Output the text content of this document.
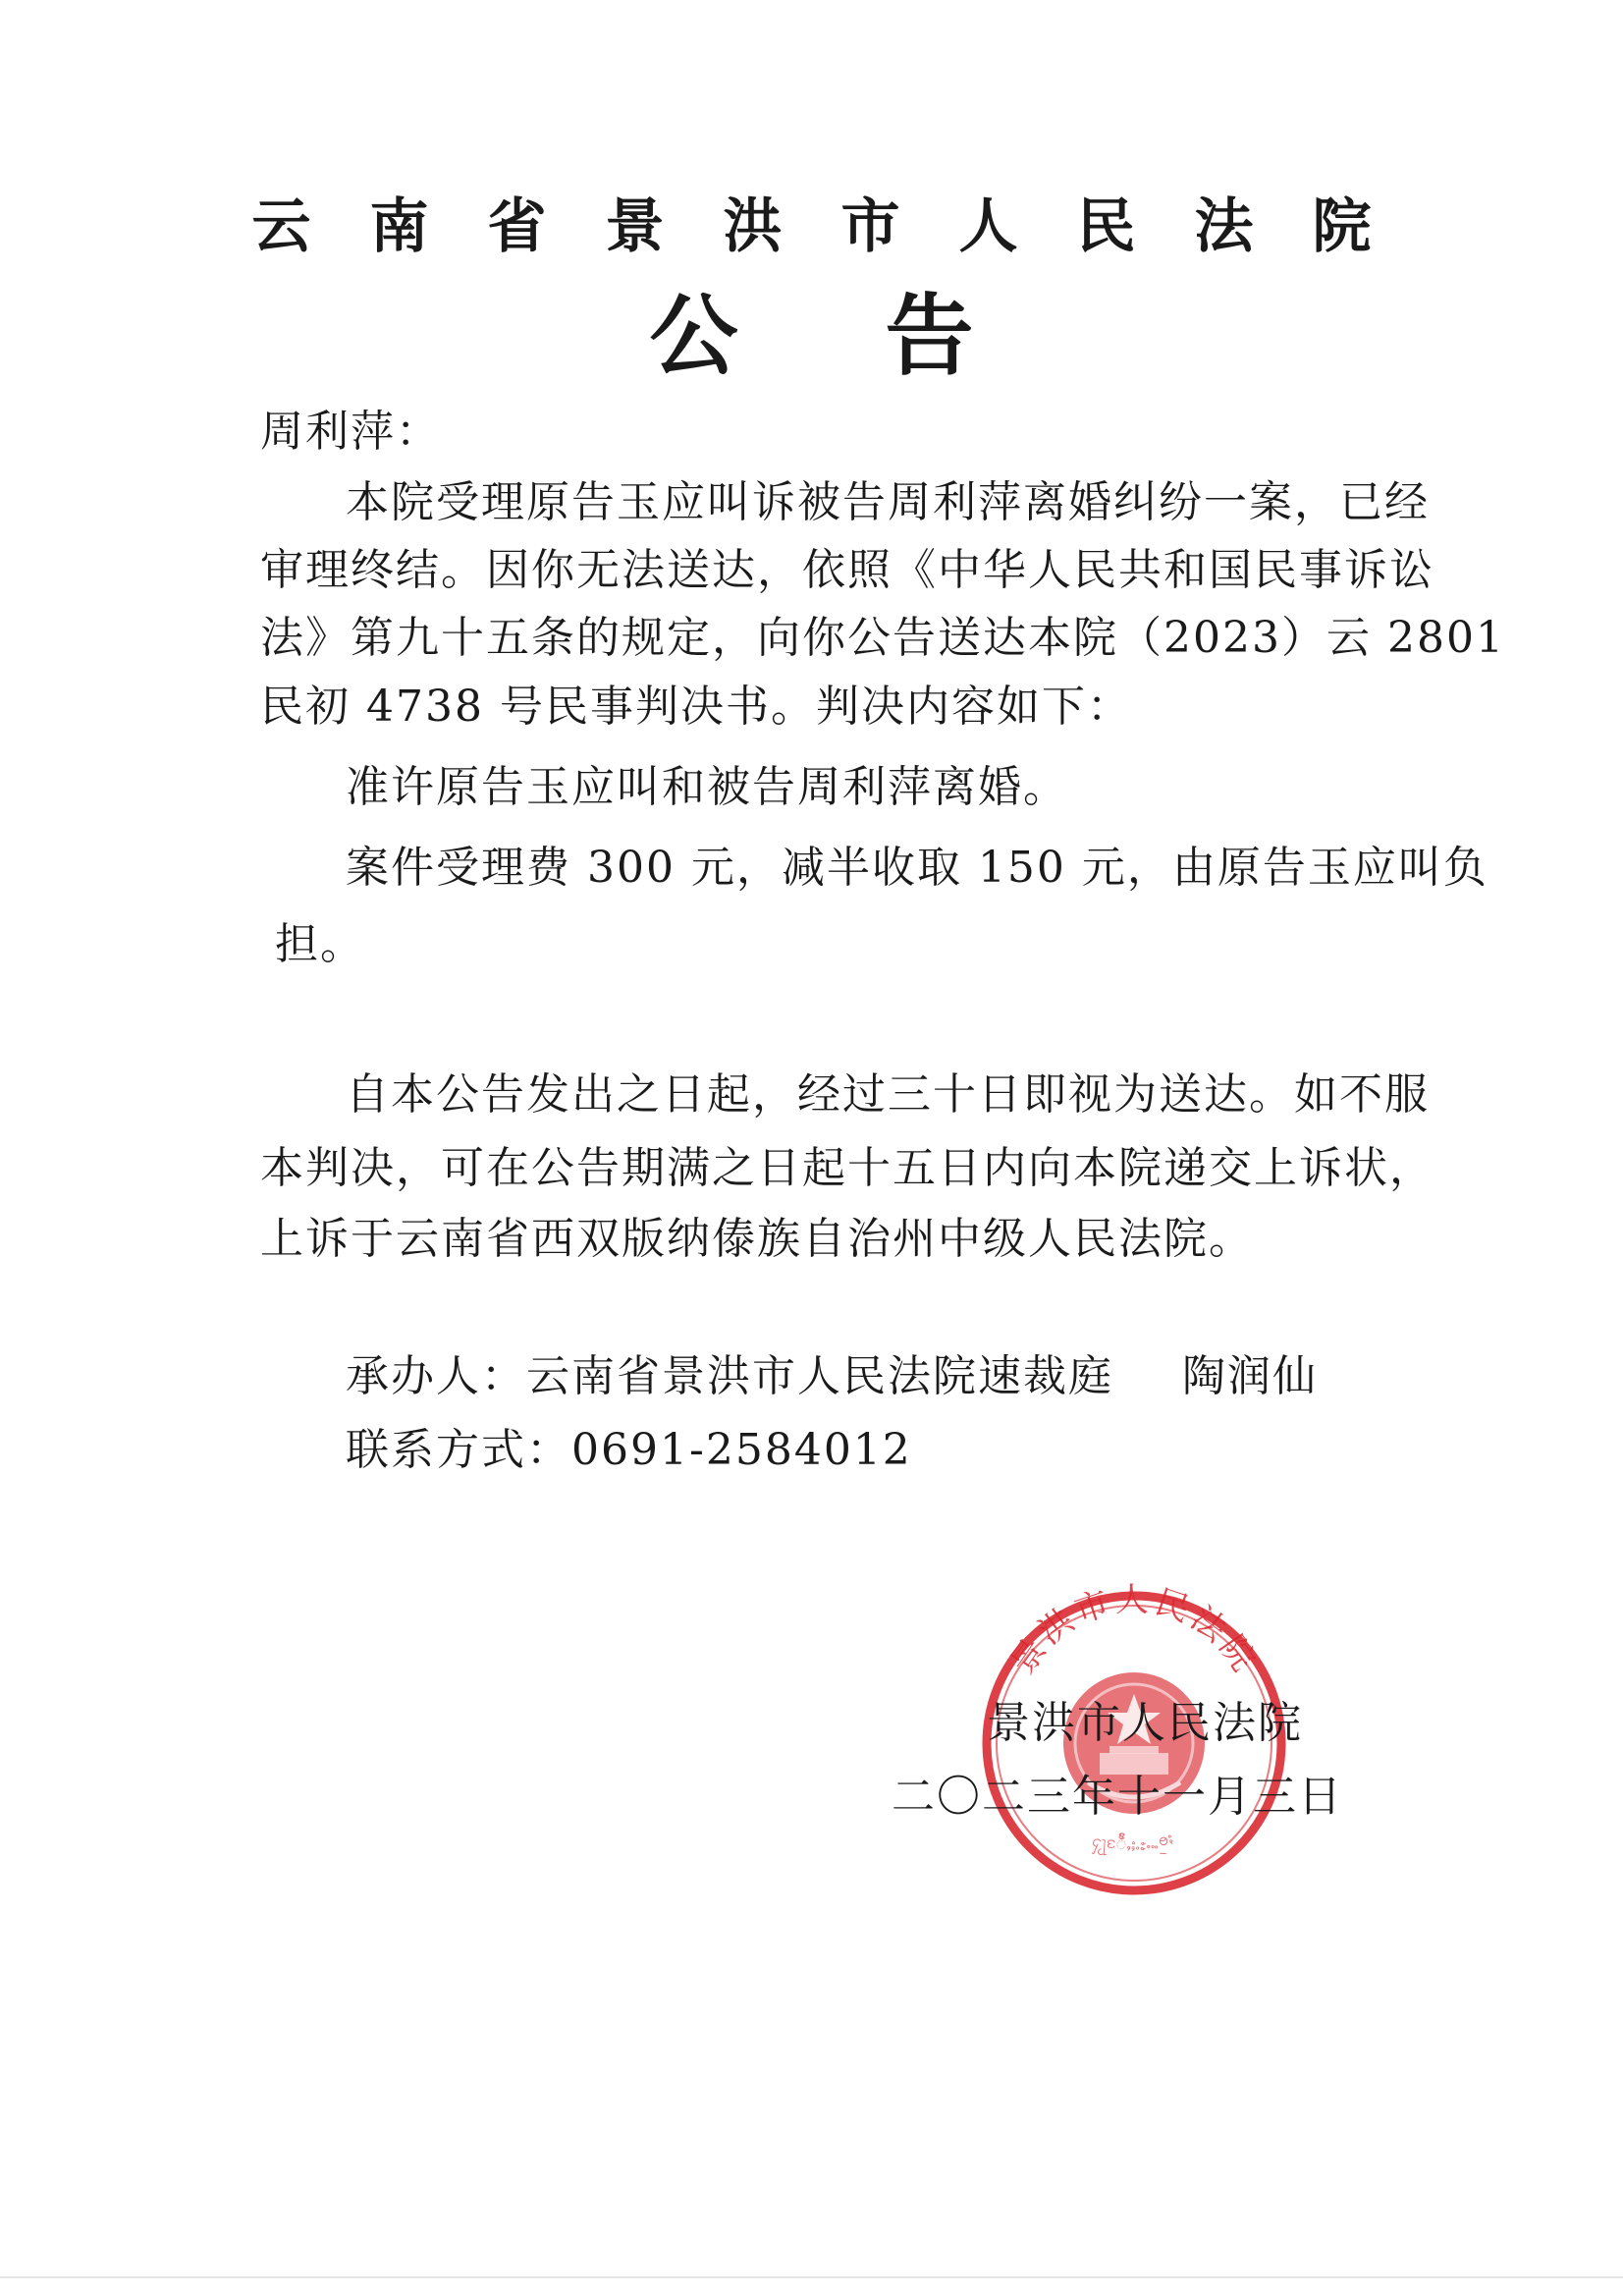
云南省景洪市人民法院
公告
周利萍：
本院受理原告玉应叫诉被告周利萍离婚纠纷一案，已经
审理终结。因你无法送达，依照《中华人民共和国民事诉讼
法》第九十五条的规定，向你公告送达本院（2023）云 2801
民初 4738 号民事判决书。判决内容如下：
准许原告玉应叫和被告周利萍离婚。
案件受理费 300 元，减半收取 150 元，由原告玉应叫负
担。
自本公告发出之日起，经过三十日即视为送达。如不服
本判决，可在公告期满之日起十五日内向本院递交上诉状，
上诉于云南省西双版纳傣族自治州中级人民法院。
承办人：云南省景洪市人民法院速裁庭 陶润仙
联系方式：0691-2584012
景洪市人民法院
ႁႂႃႄႅႆႇႈႉႊႋႌႍႎႏ
景洪市人民法院
二〇二三年十一月三日
